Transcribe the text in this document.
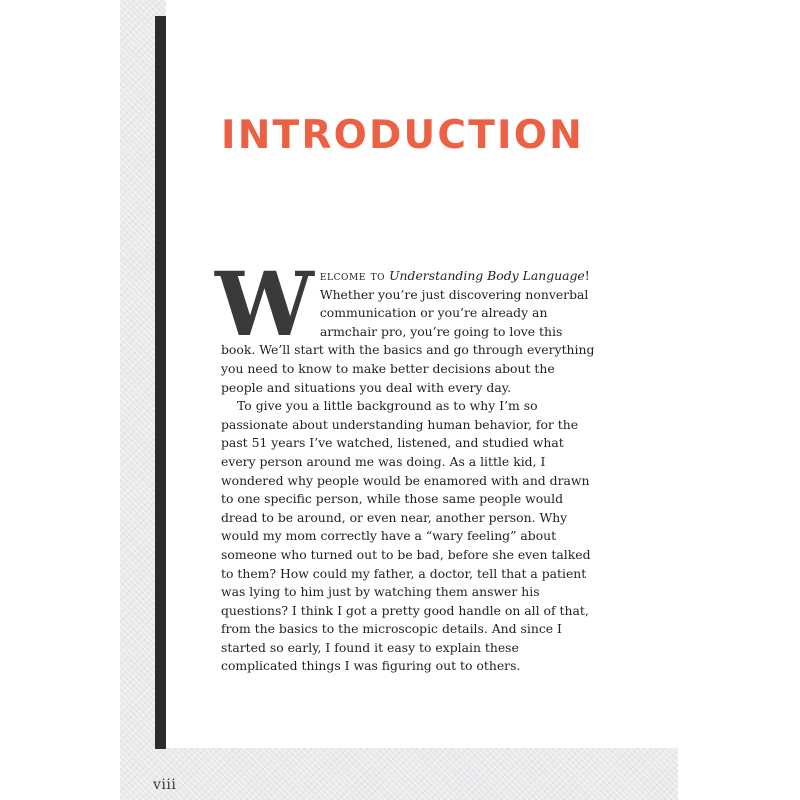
INTRODUCTION

Welcome to Understanding Body Language! Whether you’re just discovering nonverbal communication or you’re already an armchair pro, you’re going to love this book. We’ll start with the basics and go through everything you need to know to make better decisions about the people and situations you deal with every day.

To give you a little background as to why I’m so passionate about understanding human behavior, for the past 51 years I’ve watched, listened, and studied what every person around me was doing. As a little kid, I wondered why people would be enamored with and drawn to one specific person, while those same people would dread to be around, or even near, another person. Why would my mom correctly have a “wary feeling” about someone who turned out to be bad, before she even talked to them? How could my father, a doctor, tell that a patient was lying to him just by watching them answer his questions? I think I got a pretty good handle on all of that, from the basics to the microscopic details. And since I started so early, I found it easy to explain these complicated things I was figuring out to others.

viii
